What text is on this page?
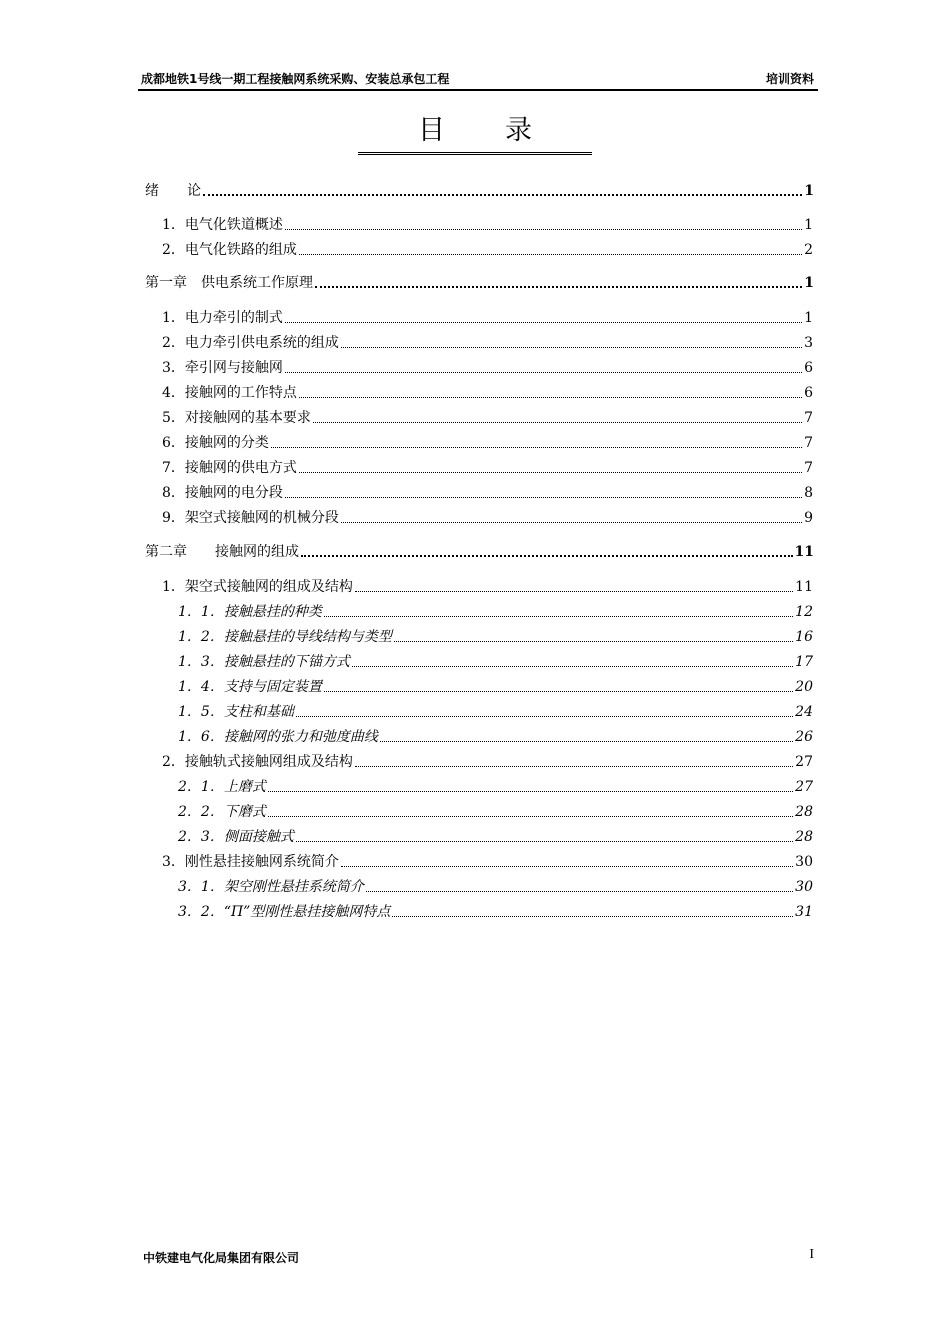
成都地铁1号线一期工程接触网系统采购、安装总承包工程	培训资料
目录
绪　　论	1
1．电气化铁道概述	1
2．电气化铁路的组成	2
第一章　供电系统工作原理	1
1．电力牵引的制式	1
2．电力牵引供电系统的组成	3
3．牵引网与接触网	6
4．接触网的工作特点	6
5．对接触网的基本要求	7
6．接触网的分类	7
7．接触网的供电方式	7
8．接触网的电分段	8
9．架空式接触网的机械分段	9
第二章　　接触网的组成	11
1．架空式接触网的组成及结构	11
1．1．接触悬挂的种类	12
1．2．接触悬挂的导线结构与类型	16
1．3．接触悬挂的下锚方式	17
1．4．支持与固定装置	20
1．5．支柱和基础	24
1．6．接触网的张力和弛度曲线	26
2．接触轨式接触网组成及结构	27
2．1．上磨式	27
2．2．下磨式	28
2．3．侧面接触式	28
3．刚性悬挂接触网系统简介	30
3．1．架空刚性悬挂系统简介	30
3．2．“Π”型刚性悬挂接触网特点	31
中铁建电气化局集团有限公司	I
